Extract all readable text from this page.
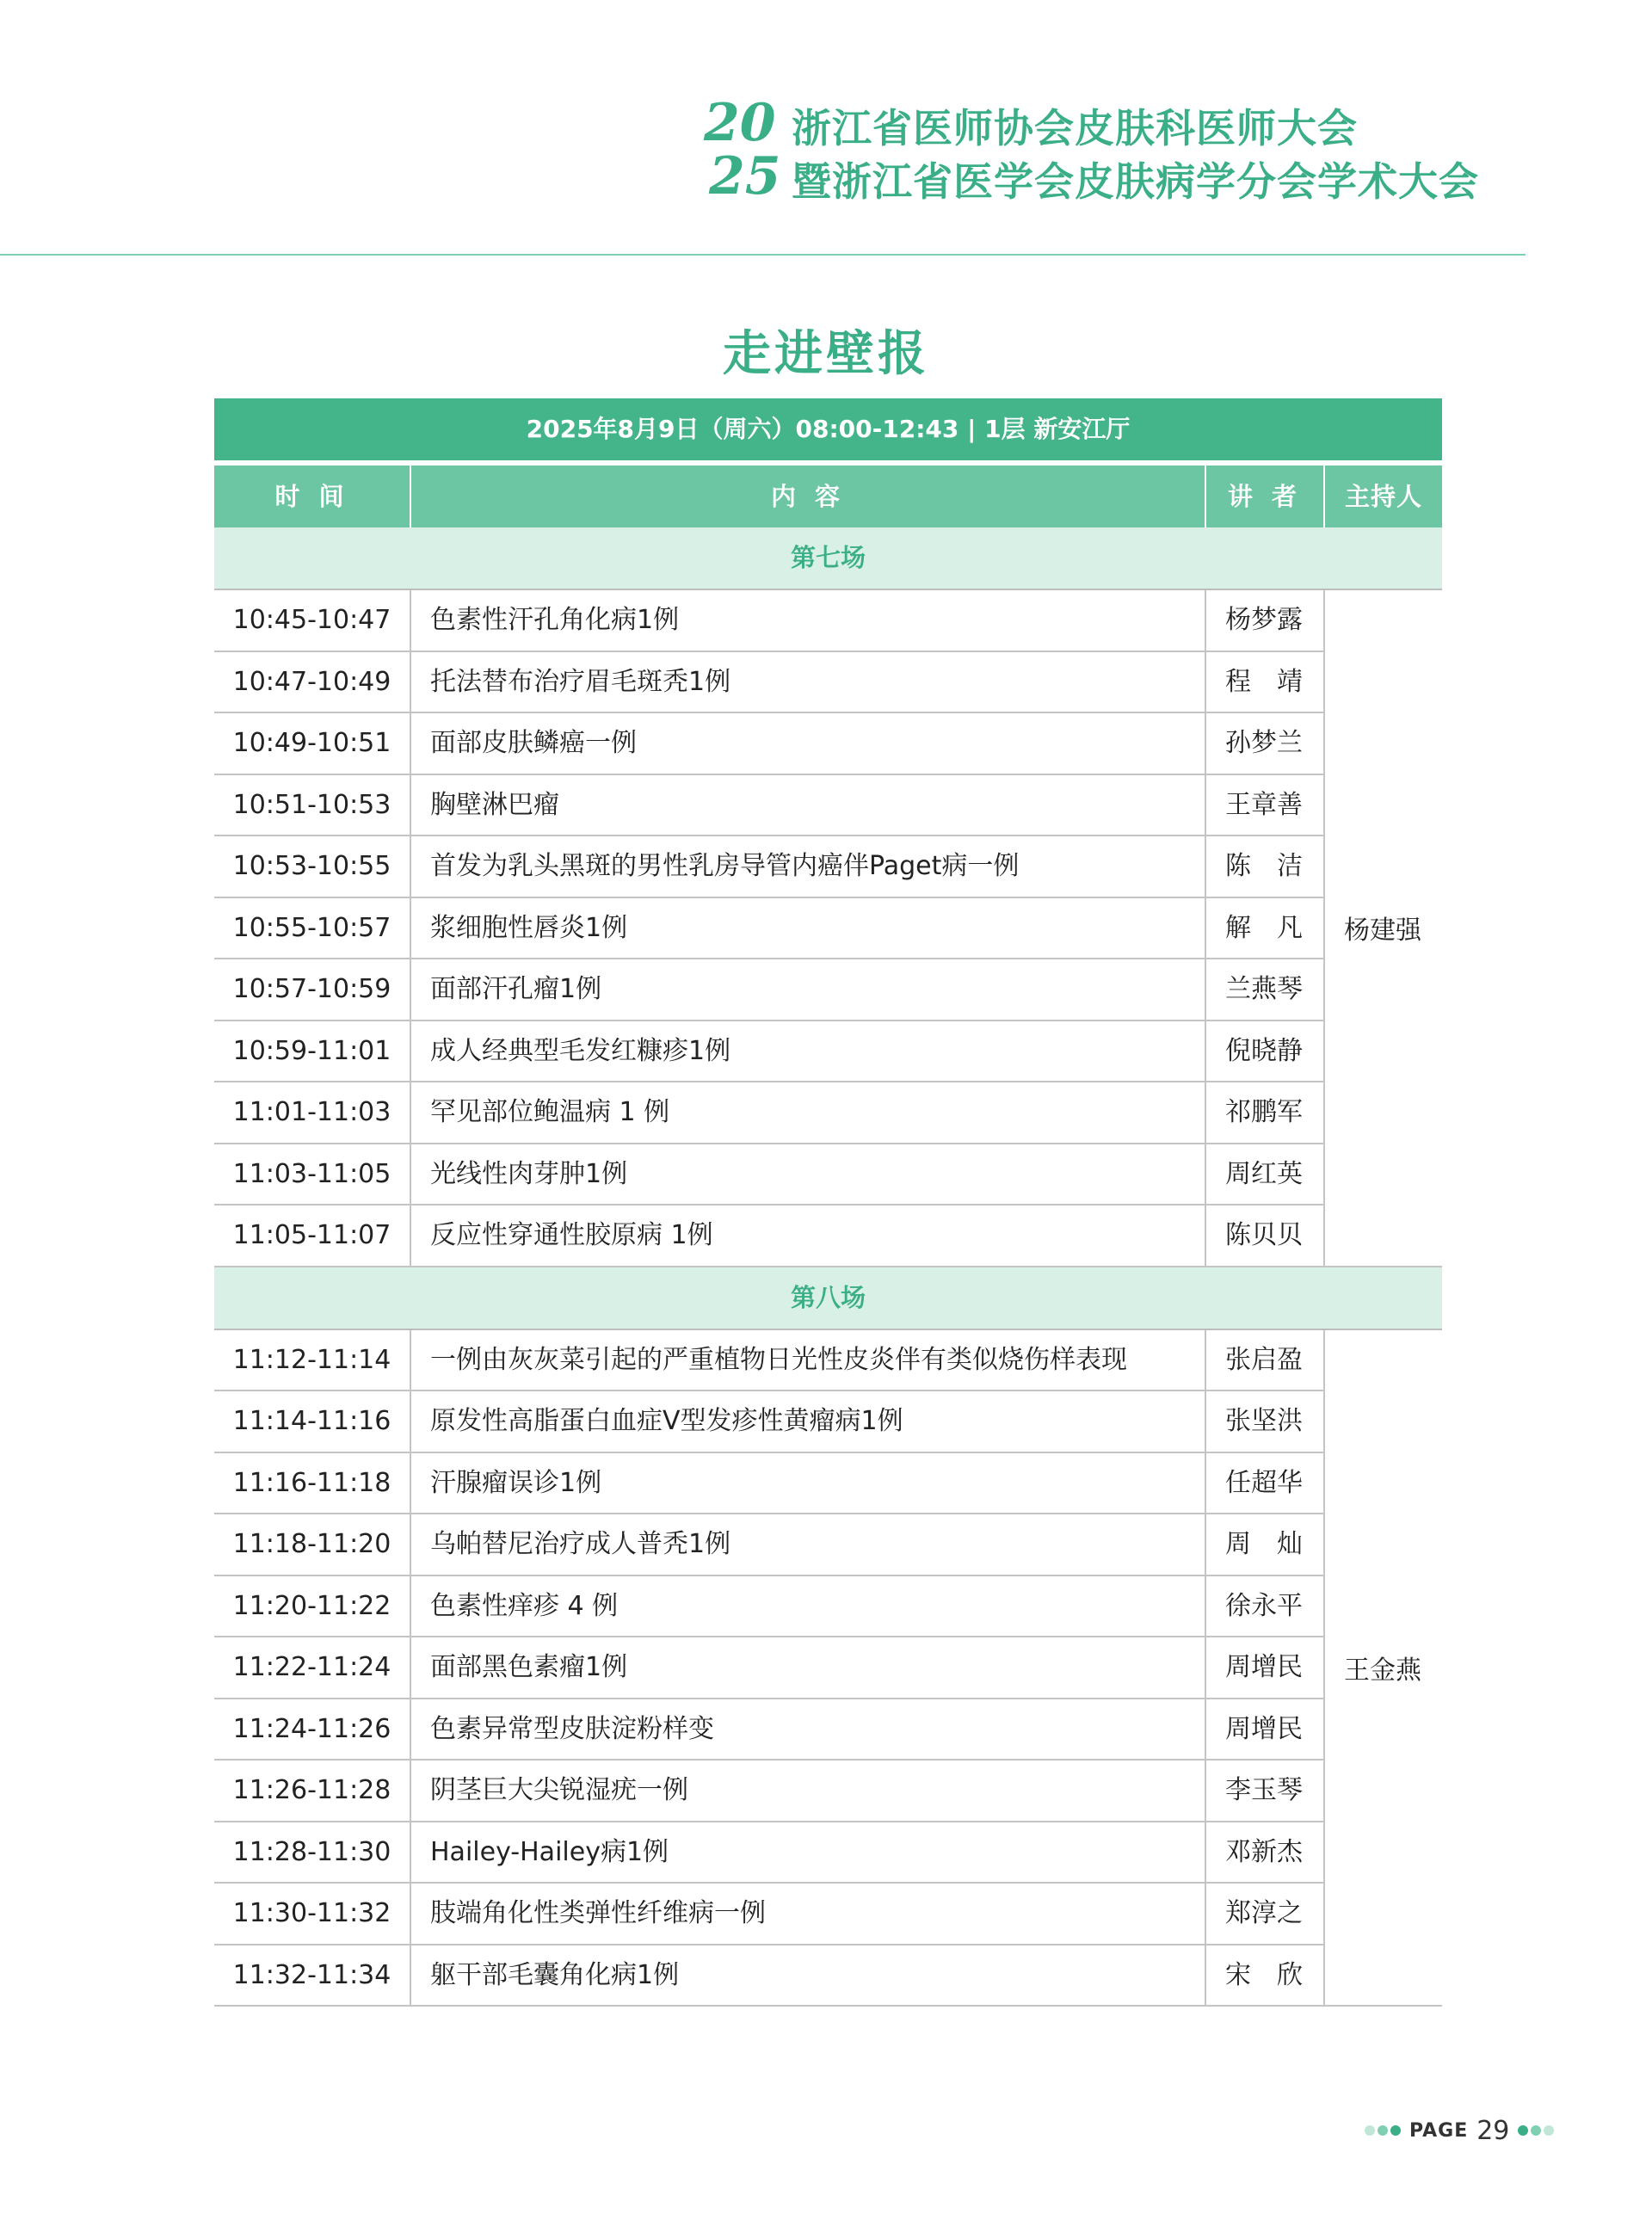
20
25
浙江省医师协会皮肤科医师大会
暨浙江省医学会皮肤病学分会学术大会
走进壁报
2025年8月9日（周六）08:00-12:43 | 1层 新安江厅
时 间	内 容	讲 者	主持人
第七场
10:45-10:47	色素性汗孔角化病1例	杨梦露
10:47-10:49	托法替布治疗眉毛斑秃1例	程　靖
10:49-10:51	面部皮肤鳞癌一例	孙梦兰
10:51-10:53	胸壁淋巴瘤	王章善
10:53-10:55	首发为乳头黑斑的男性乳房导管内癌伴Paget病一例	陈　洁
10:55-10:57	浆细胞性唇炎1例	解　凡
10:57-10:59	面部汗孔瘤1例	兰燕琴
10:59-11:01	成人经典型毛发红糠疹1例	倪晓静
11:01-11:03	罕见部位鲍温病 1 例	祁鹏军
11:03-11:05	光线性肉芽肿1例	周红英
11:05-11:07	反应性穿通性胶原病 1例	陈贝贝
杨建强
第八场
11:12-11:14	一例由灰灰菜引起的严重植物日光性皮炎伴有类似烧伤样表现	张启盈
11:14-11:16	原发性高脂蛋白血症Ⅴ型发疹性黄瘤病1例	张坚洪
11:16-11:18	汗腺瘤误诊1例	任超华
11:18-11:20	乌帕替尼治疗成人普秃1例	周　灿
11:20-11:22	色素性痒疹 4 例	徐永平
11:22-11:24	面部黑色素瘤1例	周增民
11:24-11:26	色素异常型皮肤淀粉样变	周增民
11:26-11:28	阴茎巨大尖锐湿疣一例	李玉琴
11:28-11:30	Hailey-Hailey病1例	邓新杰
11:30-11:32	肢端角化性类弹性纤维病一例	郑淳之
11:32-11:34	躯干部毛囊角化病1例	宋　欣
王金燕
PAGE 29
